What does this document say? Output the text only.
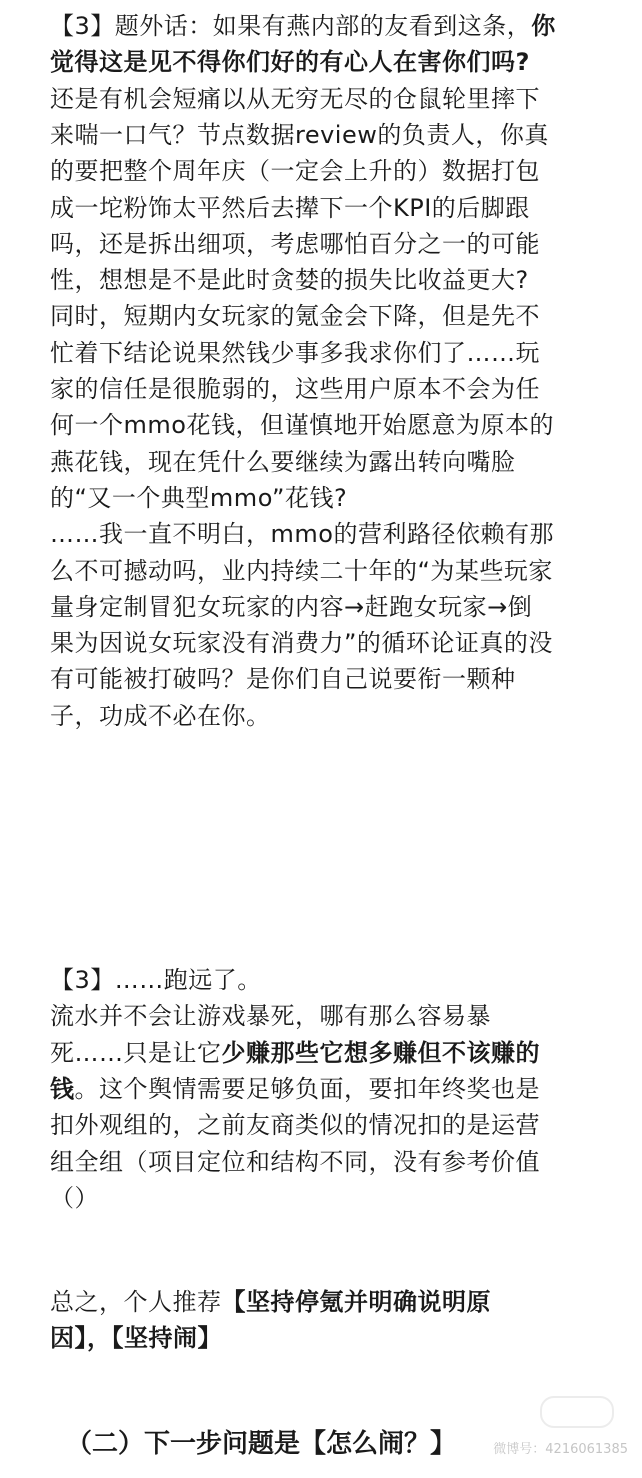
【3】题外话：如果有燕内部的友看到这条，你
觉得这是见不得你们好的有心人在害你们吗?
还是有机会短痛以从无穷无尽的仓鼠轮里摔下
来喘一口气？节点数据review的负责人，你真
的要把整个周年庆（一定会上升的）数据打包
成一坨粉饰太平然后去撵下一个KPI的后脚跟
吗，还是拆出细项，考虑哪怕百分之一的可能
性，想想是不是此时贪婪的损失比收益更大?
同时，短期内女玩家的氪金会下降，但是先不
忙着下结论说果然钱少事多我求你们了……玩
家的信任是很脆弱的，这些用户原本不会为任
何一个mmo花钱，但谨慎地开始愿意为原本的
燕花钱，现在凭什么要继续为露出转向嘴脸
的“又一个典型mmo”花钱?
……我一直不明白，mmo的营利路径依赖有那
么不可撼动吗，业内持续二十年的“为某些玩家
量身定制冒犯女玩家的内容→赶跑女玩家→倒
果为因说女玩家没有消费力”的循环论证真的没
有可能被打破吗？是你们自己说要衔一颗种
子，功成不必在你。
【3】……跑远了。
流水并不会让游戏暴死，哪有那么容易暴
死……只是让它少赚那些它想多赚但不该赚的
钱。这个舆情需要足够负面，要扣年终奖也是
扣外观组的，之前友商类似的情况扣的是运营
组全组（项目定位和结构不同，没有参考价值
（）
总之，个人推荐【坚持停氪并明确说明原
因】，【坚持闹】
（二）下一步问题是【怎么闹？】	微博号：4216061385
